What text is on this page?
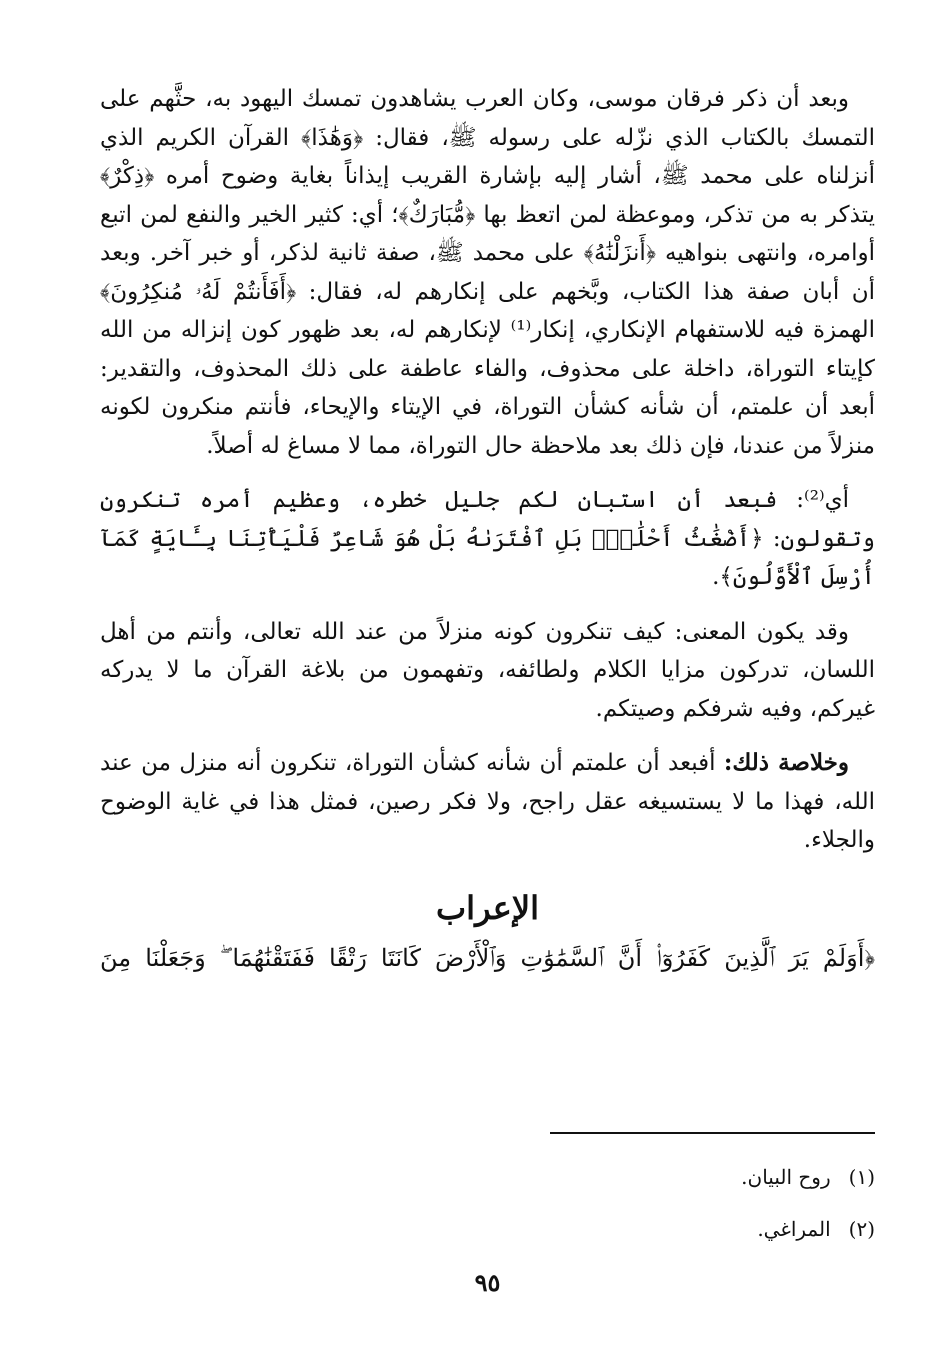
وبعد أن ذكر فرقان موسى، وكان العرب يشاهدون تمسك اليهود به، حثَّهم على التمسك بالكتاب الذي نزّله على رسوله ﷺ، فقال: ﴿وَهَٰذَا﴾ القرآن الكريم الذي أنزلناه على محمد ﷺ، أشار إليه بإشارة القريب إيذاناً بغاية وضوح أمره ﴿ذِكْرٌ﴾ يتذكر به من تذكر، وموعظة لمن اتعظ بها ﴿مُّبَارَكٌ﴾؛ أي: كثير الخير والنفع لمن اتبع أوامره، وانتهى بنواهيه ﴿أَنزَلْنَٰهُ﴾ على محمد ﷺ، صفة ثانية لذكر، أو خبر آخر. وبعد أن أبان صفة هذا الكتاب، وبَّخهم على إنكارهم له، فقال: ﴿أَفَأَنتُمْ لَهُۥ مُنكِرُونَ﴾ الهمزة فيه للاستفهام الإنكاري، إنكار⁽¹⁾ لإنكارهم له، بعد ظهور كون إنزاله من الله كإيتاء التوراة، داخلة على محذوف، والفاء عاطفة على ذلك المحذوف، والتقدير: أبعد أن علمتم، أن شأنه كشأن التوراة، في الإيتاء والإيحاء، فأنتم منكرون لكونه منزلاً من عندنا، فإن ذلك بعد ملاحظة حال التوراة، مما لا مساغ له أصلاً.

أي⁽²⁾: فبعد أن استبان لكم جليل خطره، وعظيم أمره تنكرون وتقولون: ﴿أَضْغَٰثُ أَحْلَٰمٍۭ بَلِ ٱفْتَرَىٰهُ بَلْ هُوَ شَاعِرٌ فَلْيَأْتِنَا بِـَٔايَةٍ كَمَآ أُرْسِلَ ٱلْأَوَّلُونَ﴾.

وقد يكون المعنى: كيف تنكرون كونه منزلاً من عند الله تعالى، وأنتم من أهل اللسان، تدركون مزايا الكلام ولطائفه، وتفهمون من بلاغة القرآن ما لا يدركه غيركم، وفيه شرفكم وصيتكم.

وخلاصة ذلك: أفبعد أن علمتم أن شأنه كشأن التوراة، تنكرون أنه منزل من عند الله، فهذا ما لا يستسيغه عقل راجح، ولا فكر رصين، فمثل هذا في غاية الوضوح والجلاء.

الإعراب

﴿أَوَلَمْ يَرَ ٱلَّذِينَ كَفَرُوٓا۟ أَنَّ ٱلسَّمَٰوَٰتِ وَٱلْأَرْضَ كَانَتَا رَتْقًا فَفَتَقْنَٰهُمَا ۖ وَجَعَلْنَا مِنَ

(١)روح البيان.

(٢)المراغي.

٩٥
